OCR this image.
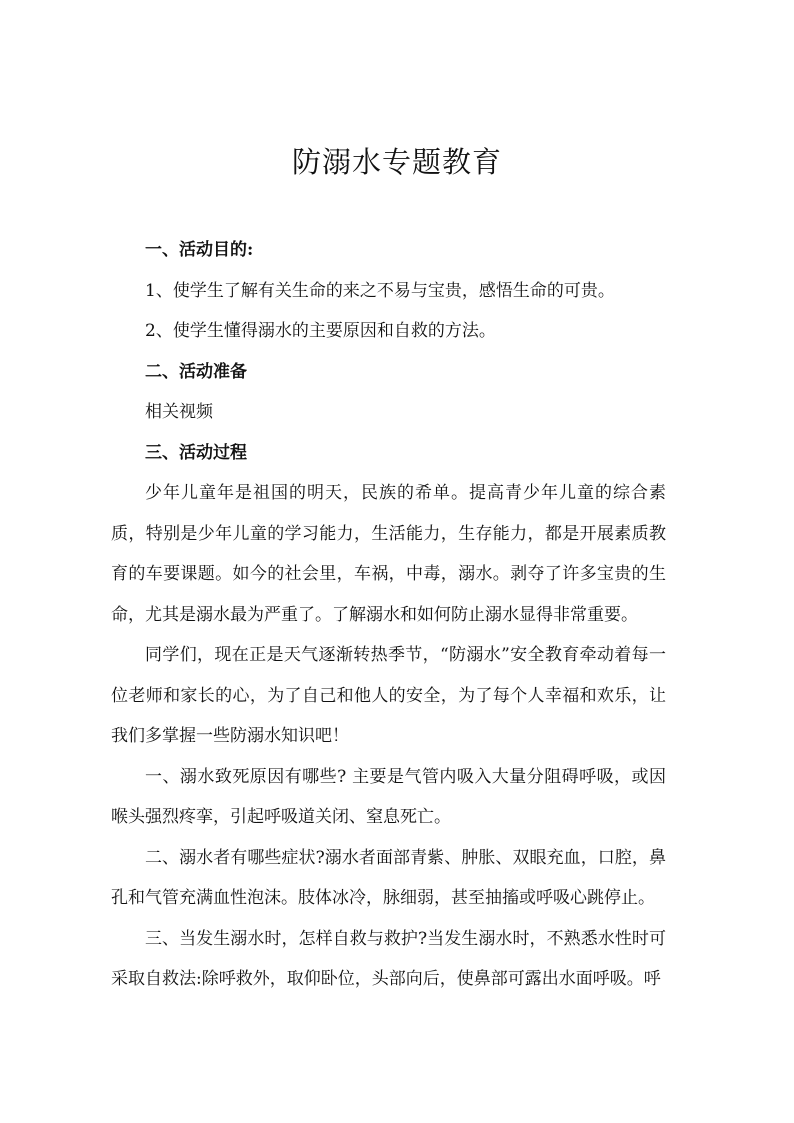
防溺水专题教育

一、活动目的:

1、使学生了解有关生命的来之不易与宝贵，感悟生命的可贵。

2、使学生懂得溺水的主要原因和自救的方法。

二、活动准备

相关视频

三、活动过程

少年儿童年是祖国的明天，民族的希单。提高青少年儿童的综合素质，特别是少年儿童的学习能力，生活能力，生存能力，都是开展素质教育的车要课题。如今的社会里，车祸，中毒，溺水。剥夺了许多宝贵的生命，尤其是溺水最为严重了。了解溺水和如何防止溺水显得非常重要。

同学们，现在正是天气逐渐转热季节，“防溺水”安全教育牵动着每一位老师和家长的心，为了自己和他人的安全，为了每个人幸福和欢乐，让我们多掌握一些防溺水知识吧！

一、溺水致死原因有哪些? 主要是气管内吸入大量分阻碍呼吸，或因喉头强烈疼挛，引起呼吸道关闭、窒息死亡。

二、溺水者有哪些症状?溺水者面部青紫、肿胀、双眼充血，口腔，鼻孔和气管充满血性泡沫。肢体冰冷，脉细弱，甚至抽搐或呼吸心跳停止。

三、当发生溺水时，怎样自救与救护?当发生溺水时，不熟悉水性时可采取自救法:除呼救外，取仰卧位，头部向后，使鼻部可露出水面呼吸。呼
